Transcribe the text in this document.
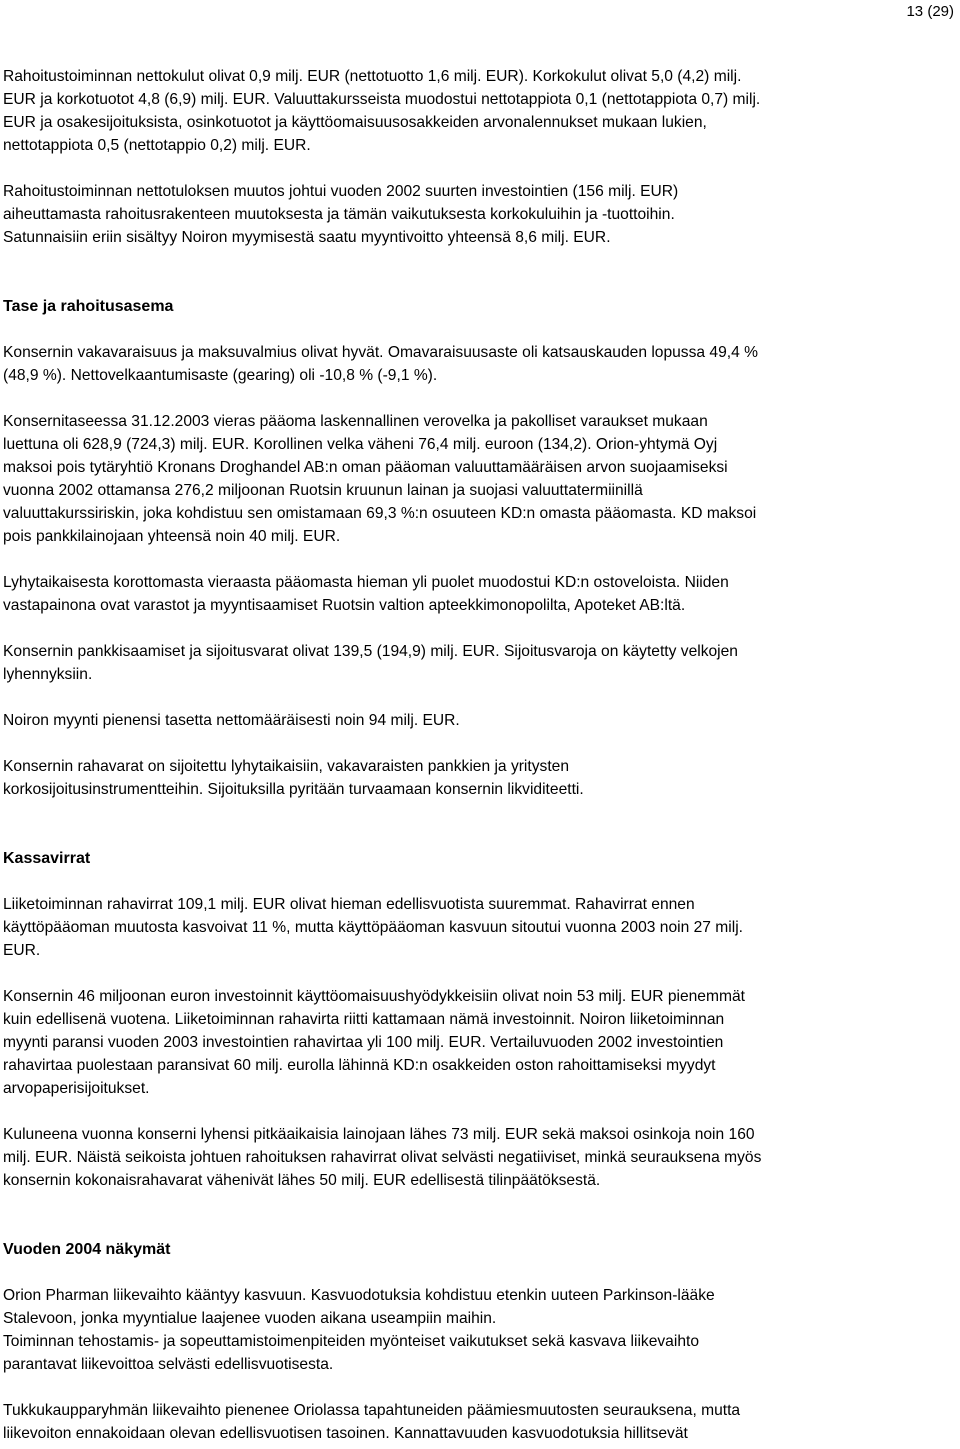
13 (29)
Rahoitustoiminnan nettokulut olivat 0,9 milj. EUR (nettotuotto 1,6 milj. EUR). Korkokulut olivat 5,0 (4,2) milj.
EUR ja korkotuotot 4,8 (6,9) milj. EUR. Valuuttakursseista muodostui nettotappiota 0,1 (nettotappiota 0,7) milj.
EUR ja osakesijoituksista, osinkotuotot ja käyttöomaisuusosakkeiden arvonalennukset mukaan lukien,
nettotappiota 0,5 (nettotappio 0,2) milj. EUR.
Rahoitustoiminnan nettotuloksen muutos johtui vuoden 2002 suurten investointien (156 milj. EUR)
aiheuttamasta rahoitusrakenteen muutoksesta ja tämän vaikutuksesta korkokuluihin ja -tuottoihin.
Satunnaisiin eriin sisältyy Noiron myymisestä saatu myyntivoitto yhteensä 8,6 milj. EUR.
Tase ja rahoitusasema
Konsernin vakavaraisuus ja maksuvalmius olivat hyvät. Omavaraisuusaste oli katsauskauden lopussa 49,4 %
(48,9 %). Nettovelkaantumisaste (gearing) oli -10,8 % (-9,1 %).
Konsernitaseessa 31.12.2003 vieras pääoma laskennallinen verovelka ja pakolliset varaukset mukaan
luettuna oli 628,9 (724,3) milj. EUR. Korollinen velka väheni 76,4 milj. euroon (134,2). Orion-yhtymä Oyj
maksoi pois tytäryhtiö Kronans Droghandel AB:n oman pääoman valuuttamääräisen arvon suojaamiseksi
vuonna 2002 ottamansa 276,2 miljoonan Ruotsin kruunun lainan ja suojasi valuuttatermiinillä
valuuttakurssiriskin, joka kohdistuu sen omistamaan 69,3 %:n osuuteen KD:n omasta pääomasta. KD maksoi
pois pankkilainojaan yhteensä noin 40 milj. EUR.
Lyhytaikaisesta korottomasta vieraasta pääomasta hieman yli puolet muodostui KD:n ostoveloista. Niiden
vastapainona ovat varastot ja myyntisaamiset Ruotsin valtion apteekkimonopolilta, Apoteket AB:ltä.
Konsernin pankkisaamiset ja sijoitusvarat olivat 139,5 (194,9) milj. EUR. Sijoitusvaroja on käytetty velkojen
lyhennyksiin.
Noiron myynti pienensi tasetta nettomääräisesti noin 94 milj. EUR.
Konsernin rahavarat on sijoitettu lyhytaikaisiin, vakavaraisten pankkien ja yritysten
korkosijoitusinstrumentteihin. Sijoituksilla pyritään turvaamaan konsernin likviditeetti.
Kassavirrat
Liiketoiminnan rahavirrat 109,1 milj. EUR olivat hieman edellisvuotista suuremmat. Rahavirrat ennen
käyttöpääoman muutosta kasvoivat 11 %, mutta käyttöpääoman kasvuun sitoutui vuonna 2003 noin 27 milj.
EUR.
Konsernin 46 miljoonan euron investoinnit käyttöomaisuushyödykkeisiin olivat noin 53 milj. EUR pienemmät
kuin edellisenä vuotena. Liiketoiminnan rahavirta riitti kattamaan nämä investoinnit. Noiron liiketoiminnan
myynti paransi vuoden 2003 investointien rahavirtaa yli 100 milj. EUR. Vertailuvuoden 2002 investointien
rahavirtaa puolestaan paransivat 60 milj. eurolla lähinnä KD:n osakkeiden oston rahoittamiseksi myydyt
arvopaperisijoitukset.
Kuluneena vuonna konserni lyhensi pitkäaikaisia lainojaan lähes 73 milj. EUR sekä maksoi osinkoja noin 160
milj. EUR. Näistä seikoista johtuen rahoituksen rahavirrat olivat selvästi negatiiviset, minkä seurauksena myös
konsernin kokonaisrahavarat vähenivät lähes 50 milj. EUR edellisestä tilinpäätöksestä.
Vuoden 2004 näkymät
Orion Pharman liikevaihto kääntyy kasvuun. Kasvuodotuksia kohdistuu etenkin uuteen Parkinson-lääke
Stalevoon, jonka myyntialue laajenee vuoden aikana useampiin maihin.
Toiminnan tehostamis- ja sopeuttamistoimenpiteiden myönteiset vaikutukset sekä kasvava liikevaihto
parantavat liikevoittoa selvästi edellisvuotisesta.
Tukkukaupparyhmän liikevaihto pienenee Oriolassa tapahtuneiden päämiesmuutosten seurauksena, mutta
liikevoiton ennakoidaan olevan edellisvuotisen tasoinen. Kannattavuuden kasvuodotuksia hillitsevät
